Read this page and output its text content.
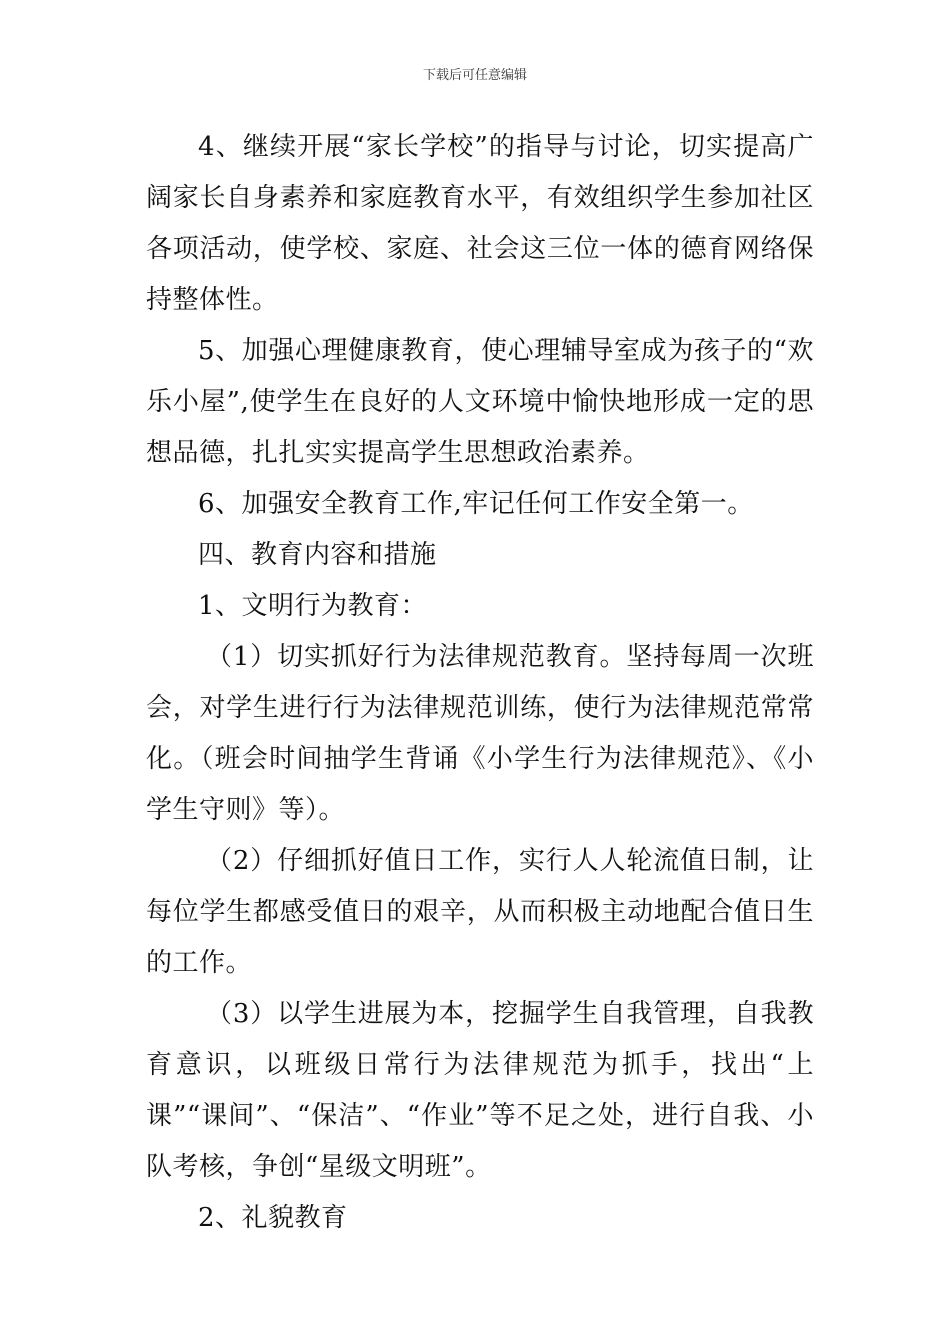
下载后可任意编辑

4、继续开展“家长学校”的指导与讨论，切实提高广阔家长自身素养和家庭教育水平，有效组织学生参加社区各项活动，使学校、家庭、社会这三位一体的德育网络保持整体性。

5、加强心理健康教育，使心理辅导室成为孩子的“欢乐小屋”,使学生在良好的人文环境中愉快地形成一定的思想品德，扎扎实实提高学生思想政治素养。

6、加强安全教育工作,牢记任何工作安全第一。

四、教育内容和措施

1、文明行为教育：

（1）切实抓好行为法律规范教育。坚持每周一次班会，对学生进行行为法律规范训练，使行为法律规范常常化。（班会时间抽学生背诵《小学生行为法律规范》、《小学生守则》等）。

（2）仔细抓好值日工作，实行人人轮流值日制，让每位学生都感受值日的艰辛，从而积极主动地配合值日生的工作。

（3）以学生进展为本，挖掘学生自我管理，自我教育意识，以班级日常行为法律规范为抓手，找出“上课”“课间”、“保洁”、“作业”等不足之处，进行自我、小队考核，争创“星级文明班”。

2、礼貌教育
